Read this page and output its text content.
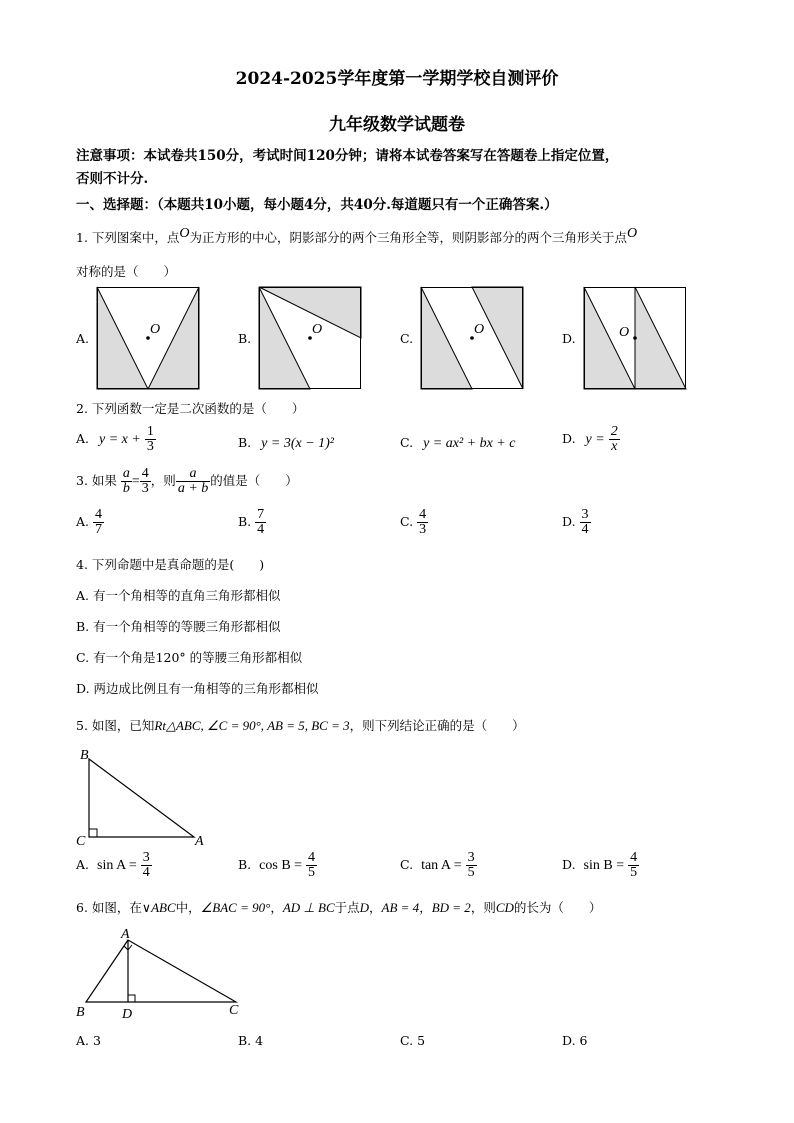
2024-2025学年度第一学期学校自测评价
九年级数学试题卷
注意事项：本试卷共150分，考试时间120分钟；请将本试卷答案写在答题卷上指定位置，
否则不计分.
一、选择题：（本题共10小题，每小题4分，共40分.每道题只有一个正确答案.）
1. 下列图案中，点O为正方形的中心，阴影部分的两个三角形全等，则阴影部分的两个三角形关于点O
对称的是（　　）
A.	B.	C.	D.
O	O	O	O
2. 下列函数一定是二次函数的是（　　）
A. $y = x + \frac{1}{3}$	B. y = 3(x − 1)²	C. y = ax² + bx + c	D. $y = \frac{2}{x}$
3. 如果 $\frac{a}{b} = \frac{4}{3}$ ，则 $\frac{a}{a + b}$ 的值是（　　）
A. $\frac{4}{7}$	B. $\frac{7}{4}$	C. $\frac{4}{3}$	D. $\frac{3}{4}$
4. 下列命题中是真命题的是(　　)
A. 有一个角相等的直角三角形都相似
B. 有一个角相等的等腰三角形都相似
C. 有一个角是120° 的等腰三角形都相似
D. 两边成比例且有一角相等的三角形都相似
5. 如图，已知Rt△ABC, ∠C = 90°, AB = 5, BC = 3，则下列结论正确的是（　　）
B
C	A
A. $\sin A = \frac{3}{4}$	B. $\cos B = \frac{4}{5}$	C. $\tan A = \frac{3}{5}$	D. $\sin B = \frac{4}{5}$
6. 如图，在∨ABC中，∠BAC = 90°，AD ⊥ BC于点D，AB = 4，BD = 2，则CD的长为（　　）
A
B	D	C
A. 3	B. 4	C. 5	D. 6
